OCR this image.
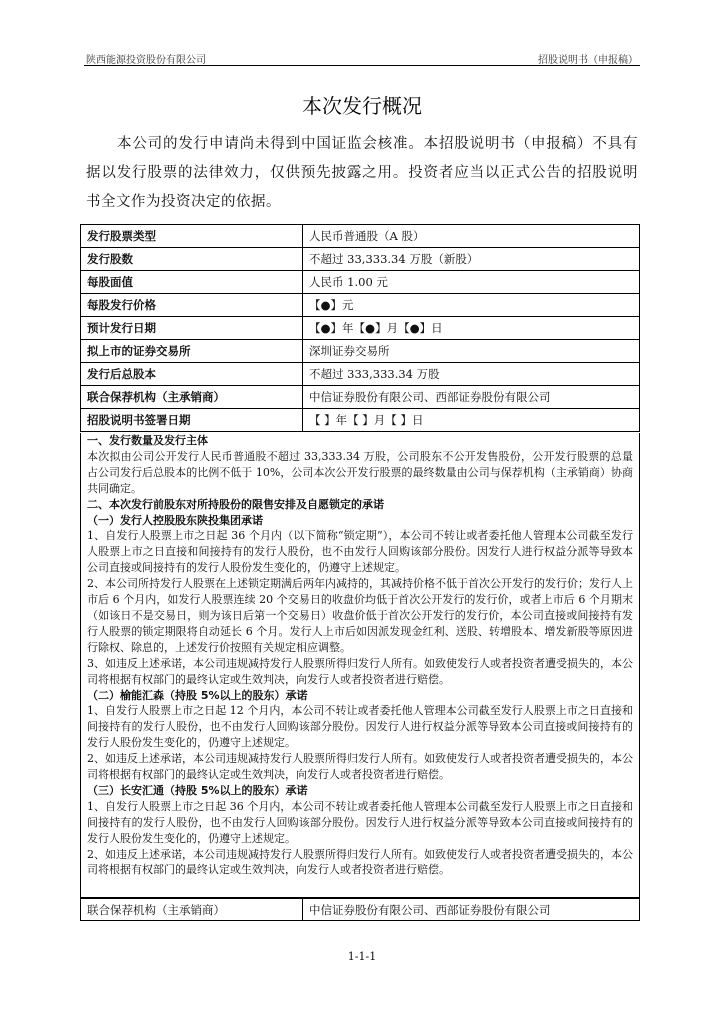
陕西能源投资股份有限公司	招股说明书（申报稿）
本次发行概况

本公司的发行申请尚未得到中国证监会核准。本招股说明书（申报稿）不具有据以发行股票的法律效力，仅供预先披露之用。投资者应当以正式公告的招股说明书全文作为投资决定的依据。

发行股票类型	人民币普通股（A 股）
发行股数	不超过 33,333.34 万股（新股）
每股面值	人民币 1.00 元
每股发行价格	【●】元
预计发行日期	【●】年【●】月【●】日
拟上市的证券交易所	深圳证券交易所
发行后总股本	不超过 333,333.34 万股
联合保荐机构（主承销商）	中信证券股份有限公司、西部证券股份有限公司
招股说明书签署日期	【 】年【 】月【 】日

一、发行数量及发行主体

本次拟由公司公开发行人民币普通股不超过 33,333.34 万股，公司股东不公开发售股份，公开发行股票的总量占公司发行后总股本的比例不低于 10%，公司本次公开发行股票的最终数量由公司与保荐机构（主承销商）协商共同确定。

二、本次发行前股东对所持股份的限售安排及自愿锁定的承诺

（一）发行人控股股东陕投集团承诺

1、自发行人股票上市之日起 36 个月内（以下简称“锁定期”），本公司不转让或者委托他人管理本公司截至发行人股票上市之日直接和间接持有的发行人股份，也不由发行人回购该部分股份。因发行人进行权益分派等导致本公司直接或间接持有的发行人股份发生变化的，仍遵守上述规定。

2、本公司所持发行人股票在上述锁定期满后两年内减持的，其减持价格不低于首次公开发行的发行价；发行人上市后 6 个月内，如发行人股票连续 20 个交易日的收盘价均低于首次公开发行的发行价，或者上市后 6 个月期末（如该日不是交易日，则为该日后第一个交易日）收盘价低于首次公开发行的发行价，本公司直接或间接持有发行人股票的锁定期限将自动延长 6 个月。发行人上市后如因派发现金红利、送股、转增股本、增发新股等原因进行除权、除息的，上述发行价按照有关规定相应调整。

3、如违反上述承诺，本公司违规减持发行人股票所得归发行人所有。如致使发行人或者投资者遭受损失的，本公司将根据有权部门的最终认定或生效判决，向发行人或者投资者进行赔偿。

（二）榆能汇森（持股 5%以上的股东）承诺

1、自发行人股票上市之日起 12 个月内，本公司不转让或者委托他人管理本公司截至发行人股票上市之日直接和间接持有的发行人股份，也不由发行人回购该部分股份。因发行人进行权益分派等导致本公司直接或间接持有的发行人股份发生变化的，仍遵守上述规定。

2、如违反上述承诺，本公司违规减持发行人股票所得归发行人所有。如致使发行人或者投资者遭受损失的，本公司将根据有权部门的最终认定或生效判决，向发行人或者投资者进行赔偿。

（三）长安汇通（持股 5%以上的股东）承诺

1、自发行人股票上市之日起 36 个月内，本公司不转让或者委托他人管理本公司截至发行人股票上市之日直接和间接持有的发行人股份，也不由发行人回购该部分股份。因发行人进行权益分派等导致本公司直接或间接持有的发行人股份发生变化的，仍遵守上述规定。

2、如违反上述承诺，本公司违规减持发行人股票所得归发行人所有。如致使发行人或者投资者遭受损失的，本公司将根据有权部门的最终认定或生效判决，向发行人或者投资者进行赔偿。

联合保荐机构（主承销商）	中信证券股份有限公司、西部证券股份有限公司
1-1-1
